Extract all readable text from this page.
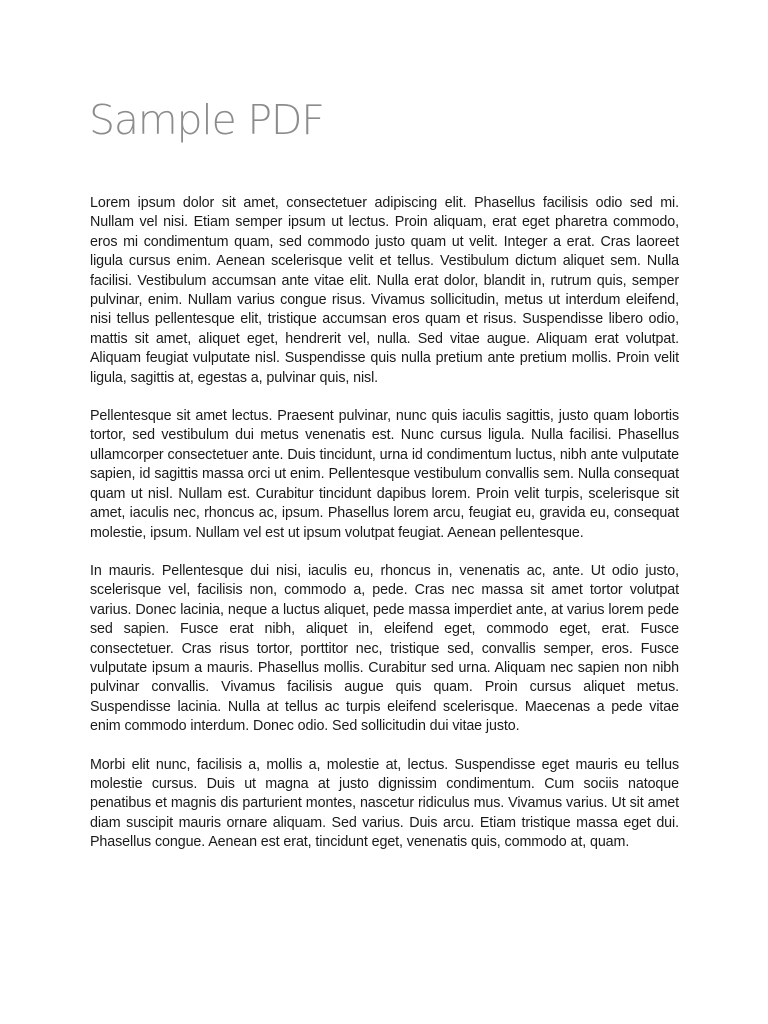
Sample PDF

Lorem ipsum dolor sit amet, consectetuer adipiscing elit. Phasellus facilisis odio sed mi. Nullam vel nisi. Etiam semper ipsum ut lectus. Proin aliquam, erat eget pharetra commodo, eros mi condimentum quam, sed commodo justo quam ut velit. Integer a erat. Cras laoreet ligula cursus enim. Aenean scelerisque velit et tellus. Vestibulum dictum aliquet sem. Nulla facilisi. Vestibulum accumsan ante vitae elit. Nulla erat dolor, blandit in, rutrum quis, semper pulvinar, enim. Nullam varius congue risus. Vivamus sollicitudin, metus ut interdum eleifend, nisi tellus pellentesque elit, tristique accumsan eros quam et risus. Suspendisse libero odio, mattis sit amet, aliquet eget, hendrerit vel, nulla. Sed vitae augue. Aliquam erat volutpat. Aliquam feugiat vulputate nisl. Suspendisse quis nulla pretium ante pretium mollis. Proin velit ligula, sagittis at, egestas a, pulvinar quis, nisl.

Pellentesque sit amet lectus. Praesent pulvinar, nunc quis iaculis sagittis, justo quam lobortis tortor, sed vestibulum dui metus venenatis est. Nunc cursus ligula. Nulla facilisi. Phasellus ullamcorper consectetuer ante. Duis tincidunt, urna id condimentum luctus, nibh ante vulputate sapien, id sagittis massa orci ut enim. Pellentesque vestibulum convallis sem. Nulla consequat quam ut nisl. Nullam est. Curabitur tincidunt dapibus lorem. Proin velit turpis, scelerisque sit amet, iaculis nec, rhoncus ac, ipsum. Phasellus lorem arcu, feugiat eu, gravida eu, consequat molestie, ipsum. Nullam vel est ut ipsum volutpat feugiat. Aenean pellentesque.

In mauris. Pellentesque dui nisi, iaculis eu, rhoncus in, venenatis ac, ante. Ut odio justo, scelerisque vel, facilisis non, commodo a, pede. Cras nec massa sit amet tortor volutpat varius. Donec lacinia, neque a luctus aliquet, pede massa imperdiet ante, at varius lorem pede sed sapien. Fusce erat nibh, aliquet in, eleifend eget, commodo eget, erat. Fusce consectetuer. Cras risus tortor, porttitor nec, tristique sed, convallis semper, eros. Fusce vulputate ipsum a mauris. Phasellus mollis. Curabitur sed urna. Aliquam nec sapien non nibh pulvinar convallis. Vivamus facilisis augue quis quam. Proin cursus aliquet metus. Suspendisse lacinia. Nulla at tellus ac turpis eleifend scelerisque. Maecenas a pede vitae enim commodo interdum. Donec odio. Sed sollicitudin dui vitae justo.

Morbi elit nunc, facilisis a, mollis a, molestie at, lectus. Suspendisse eget mauris eu tellus molestie cursus. Duis ut magna at justo dignissim condimentum. Cum sociis natoque penatibus et magnis dis parturient montes, nascetur ridiculus mus. Vivamus varius. Ut sit amet diam suscipit mauris ornare aliquam. Sed varius. Duis arcu. Etiam tristique massa eget dui. Phasellus congue. Aenean est erat, tincidunt eget, venenatis quis, commodo at, quam.
